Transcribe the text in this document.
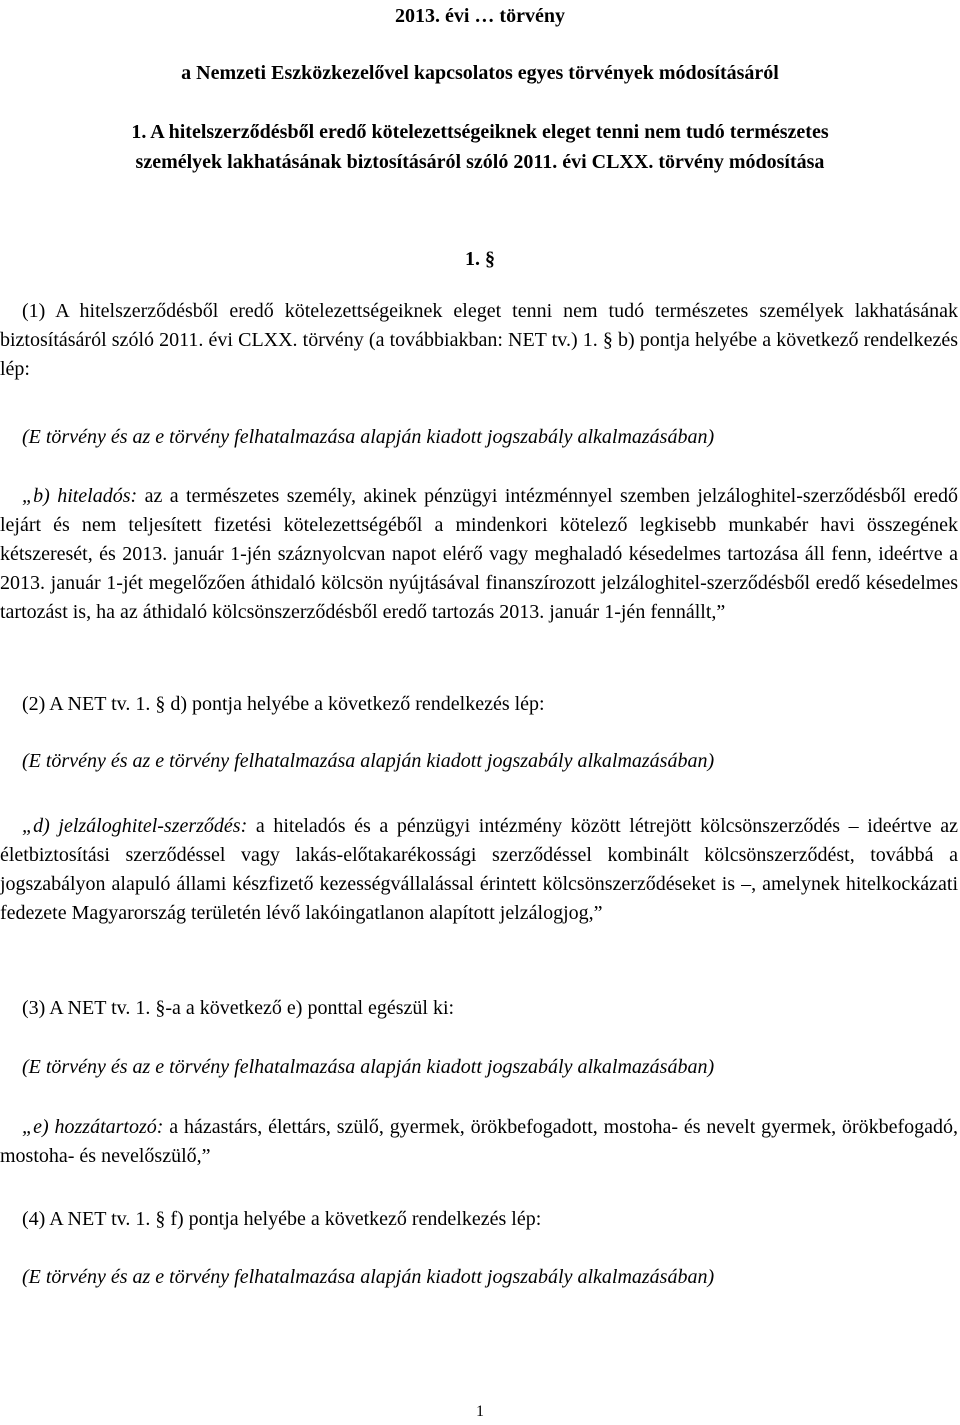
2013. évi … törvény

a Nemzeti Eszközkezelővel kapcsolatos egyes törvények módosításáról

1. A hitelszerződésből eredő kötelezettségeiknek eleget tenni nem tudó természetes

személyek lakhatásának biztosításáról szóló 2011. évi CLXX. törvény módosítása

1. §

(1) A hitelszerződésből eredő kötelezettségeiknek eleget tenni nem tudó természetes személyek lakhatásának biztosításáról szóló 2011. évi CLXX. törvény (a továbbiakban: NET tv.) 1. § b) pontja helyébe a következő rendelkezés lép:

(E törvény és az e törvény felhatalmazása alapján kiadott jogszabály alkalmazásában)

„b) hiteladós: az a természetes személy, akinek pénzügyi intézménnyel szemben jelzáloghitel-szerződésből eredő lejárt és nem teljesített fizetési kötelezettségéből a mindenkori kötelező legkisebb munkabér havi összegének kétszeresét, és 2013. január 1-jén száznyolcvan napot elérő vagy meghaladó késedelmes tartozása áll fenn, ideértve a 2013. január 1-jét megelőzően áthidaló kölcsön nyújtásával finanszírozott jelzáloghitel-szerződésből eredő késedelmes tartozást is, ha az áthidaló kölcsönszerződésből eredő tartozás 2013. január 1-jén fennállt,”

(2) A NET tv. 1. § d) pontja helyébe a következő rendelkezés lép:

(E törvény és az e törvény felhatalmazása alapján kiadott jogszabály alkalmazásában)

„d) jelzáloghitel-szerződés: a hiteladós és a pénzügyi intézmény között létrejött kölcsönszerződés – ideértve az életbiztosítási szerződéssel vagy lakás-előtakarékossági szerződéssel kombinált kölcsönszerződést, továbbá a jogszabályon alapuló állami készfizető kezességvállalással érintett kölcsönszerződéseket is –, amelynek hitelkockázati fedezete Magyarország területén lévő lakóingatlanon alapított jelzálogjog,”

(3) A NET tv. 1. §-a a következő e) ponttal egészül ki:

(E törvény és az e törvény felhatalmazása alapján kiadott jogszabály alkalmazásában)

„e) hozzátartozó: a házastárs, élettárs, szülő, gyermek, örökbefogadott, mostoha- és nevelt gyermek, örökbefogadó, mostoha- és nevelőszülő,”

(4) A NET tv. 1. § f) pontja helyébe a következő rendelkezés lép:

(E törvény és az e törvény felhatalmazása alapján kiadott jogszabály alkalmazásában)

1
